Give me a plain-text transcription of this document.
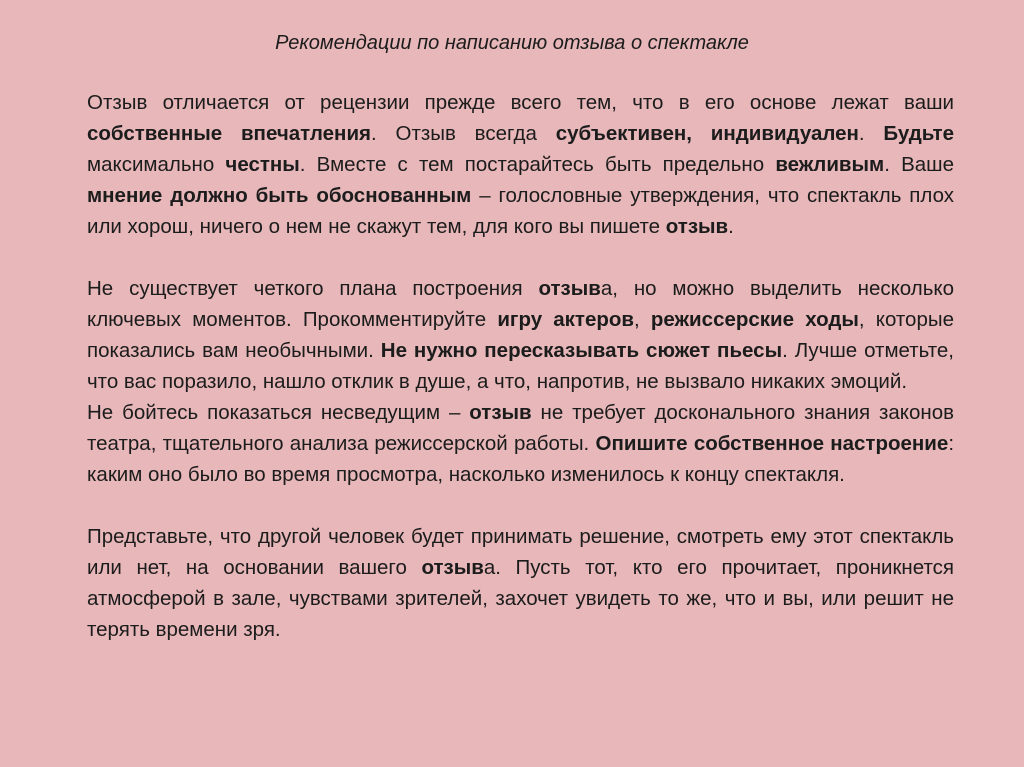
Рекомендации по написанию отзыва о спектакле

Отзыв отличается от рецензии прежде всего тем, что в его основе лежат ваши собственные впечатления. Отзыв всегда субъективен, индивидуален. Будьте максимально честны. Вместе с тем постарайтесь быть предельно вежливым. Ваше мнение должно быть обоснованным – голословные утверждения, что спектакль плох или хорош, ничего о нем не скажут тем, для кого вы пишете отзыв.

Не существует четкого плана построения отзыва, но можно выделить несколько ключевых моментов. Прокомментируйте игру актеров, режиссерские ходы, которые показались вам необычными. Не нужно пересказывать сюжет пьесы. Лучше отметьте, что вас поразило, нашло отклик в душе, а что, напротив, не вызвало никаких эмоций.

Не бойтесь показаться несведущим – отзыв не требует досконального знания законов театра, тщательного анализа режиссерской работы. Опишите собственное настроение: каким оно было во время просмотра, насколько изменилось к концу спектакля.

Представьте, что другой человек будет принимать решение, смотреть ему этот спектакль или нет, на основании вашего отзыва. Пусть тот, кто его прочитает, проникнется атмосферой в зале, чувствами зрителей, захочет увидеть то же, что и вы, или решит не терять времени зря.
